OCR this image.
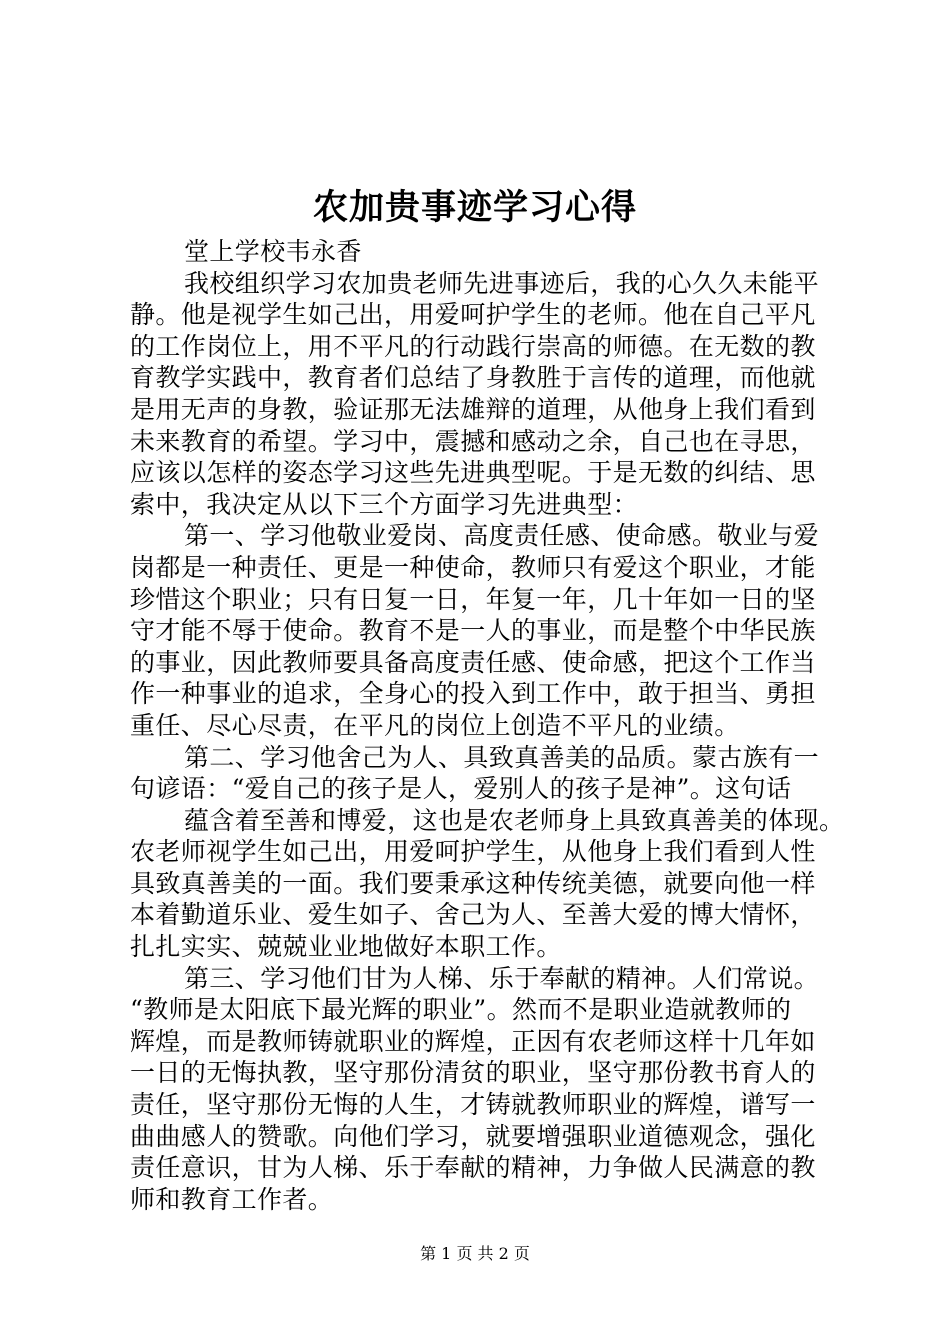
农加贵事迹学习心得
堂上学校韦永香
我校组织学习农加贵老师先进事迹后，我的心久久未能平
静。他是视学生如己出，用爱呵护学生的老师。他在自己平凡
的工作岗位上，用不平凡的行动践行崇高的师德。在无数的教
育教学实践中，教育者们总结了身教胜于言传的道理，而他就
是用无声的身教，验证那无法雄辩的道理，从他身上我们看到
未来教育的希望。学习中，震撼和感动之余，自己也在寻思，
应该以怎样的姿态学习这些先进典型呢。于是无数的纠结、思
索中，我决定从以下三个方面学习先进典型：
第一、学习他敬业爱岗、高度责任感、使命感。敬业与爱
岗都是一种责任、更是一种使命，教师只有爱这个职业，才能
珍惜这个职业；只有日复一日，年复一年，几十年如一日的坚
守才能不辱于使命。教育不是一人的事业，而是整个中华民族
的事业，因此教师要具备高度责任感、使命感，把这个工作当
作一种事业的追求，全身心的投入到工作中，敢于担当、勇担
重任、尽心尽责，在平凡的岗位上创造不平凡的业绩。
第二、学习他舍己为人、具致真善美的品质。蒙古族有一
句谚语：“爱自己的孩子是人，爱别人的孩子是神”。这句话
蕴含着至善和博爱，这也是农老师身上具致真善美的体现。
农老师视学生如己出，用爱呵护学生，从他身上我们看到人性
具致真善美的一面。我们要秉承这种传统美德，就要向他一样
本着勤道乐业、爱生如子、舍己为人、至善大爱的博大情怀，
扎扎实实、兢兢业业地做好本职工作。
第三、学习他们甘为人梯、乐于奉献的精神。人们常说。
“教师是太阳底下最光辉的职业”。然而不是职业造就教师的
辉煌，而是教师铸就职业的辉煌，正因有农老师这样十几年如
一日的无悔执教，坚守那份清贫的职业，坚守那份教书育人的
责任，坚守那份无悔的人生，才铸就教师职业的辉煌，谱写一
曲曲感人的赞歌。向他们学习，就要增强职业道德观念，强化
责任意识，甘为人梯、乐于奉献的精神，力争做人民满意的教
师和教育工作者。
第 1 页 共 2 页
